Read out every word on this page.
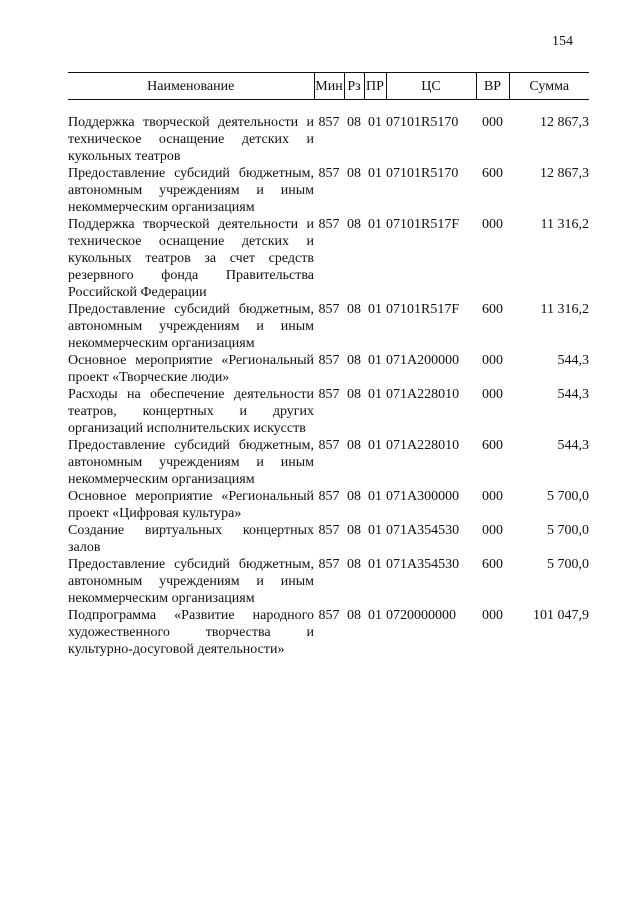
154
Наименование	Мин	Рз	ПР	ЦС	ВР	Сумма

Поддержка творческой деятельности и техническое оснащение детских и кукольных театров	857	08	01	07101R5170	000	12 867,3
Предоставление субсидий бюджетным, автономным учреждениям и иным некоммерческим организациям	857	08	01	07101R5170	600	12 867,3
Поддержка творческой деятельности и техническое оснащение детских и кукольных театров за счет средств резервного фонда Правительства Российской Федерации	857	08	01	07101R517F	000	11 316,2
Предоставление субсидий бюджетным, автономным учреждениям и иным некоммерческим организациям	857	08	01	07101R517F	600	11 316,2
Основное мероприятие «Региональный проект «Творческие люди»	857	08	01	071A200000	000	544,3
Расходы на обеспечение деятельности театров, концертных и других организаций исполнительских искусств	857	08	01	071A228010	000	544,3
Предоставление субсидий бюджетным, автономным учреждениям и иным некоммерческим организациям	857	08	01	071A228010	600	544,3
Основное мероприятие «Региональный проект «Цифровая культура»	857	08	01	071A300000	000	5 700,0
Создание виртуальных концертных залов	857	08	01	071A354530	000	5 700,0
Предоставление субсидий бюджетным, автономным учреждениям и иным некоммерческим организациям	857	08	01	071A354530	600	5 700,0
Подпрограмма «Развитие народного художественного творчества и культурно-досуговой деятельности»	857	08	01	0720000000	000	101 047,9
